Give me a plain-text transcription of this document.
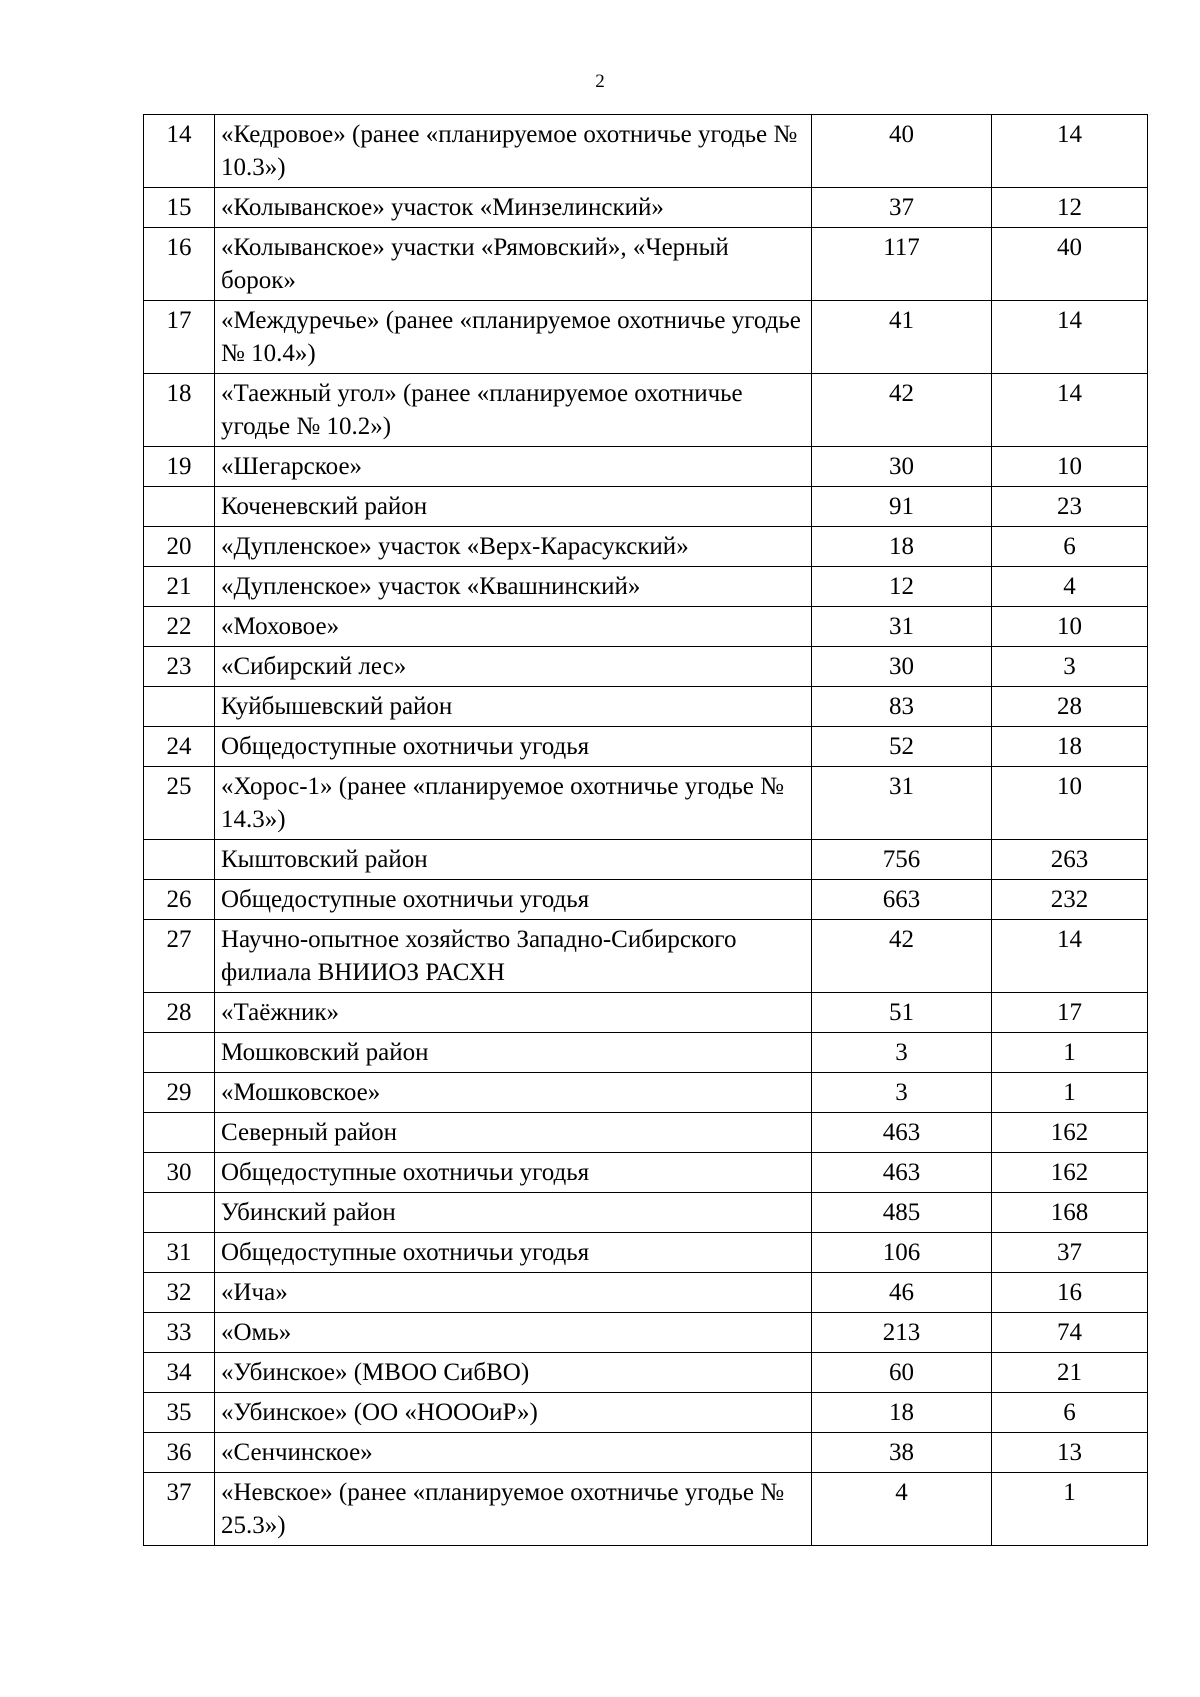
2
14	«Кедровое» (ранее «планируемое охотничье угодье № 10.3»)	40	14
15	«Колыванское» участок «Минзелинский»	37	12
16	«Колыванское» участки «Рямовский», «Черный борок»	117	40
17	«Междуречье» (ранее «планируемое охотничье угодье № 10.4»)	41	14
18	«Таежный угол» (ранее «планируемое охотничье угодье № 10.2»)	42	14
19	«Шегарское»	30	10
	Коченевский район	91	23
20	«Дупленское» участок «Верх-Карасукский»	18	6
21	«Дупленское» участок «Квашнинский»	12	4
22	«Моховое»	31	10
23	«Сибирский лес»	30	3
	Куйбышевский район	83	28
24	Общедоступные охотничьи угодья	52	18
25	«Хорос-1» (ранее «планируемое охотничье угодье № 14.3»)	31	10
	Кыштовский район	756	263
26	Общедоступные охотничьи угодья	663	232
27	Научно-опытное хозяйство Западно-Сибирского филиала ВНИИОЗ РАСХН	42	14
28	«Таёжник»	51	17
	Мошковский район	3	1
29	«Мошковское»	3	1
	Северный район	463	162
30	Общедоступные охотничьи угодья	463	162
	Убинский район	485	168
31	Общедоступные охотничьи угодья	106	37
32	«Ича»	46	16
33	«Омь»	213	74
34	«Убинское» (МВОО СибВО)	60	21
35	«Убинское» (ОО «НОООиР»)	18	6
36	«Сенчинское»	38	13
37	«Невское» (ранее «планируемое охотничье угодье № 25.3»)	4	1
